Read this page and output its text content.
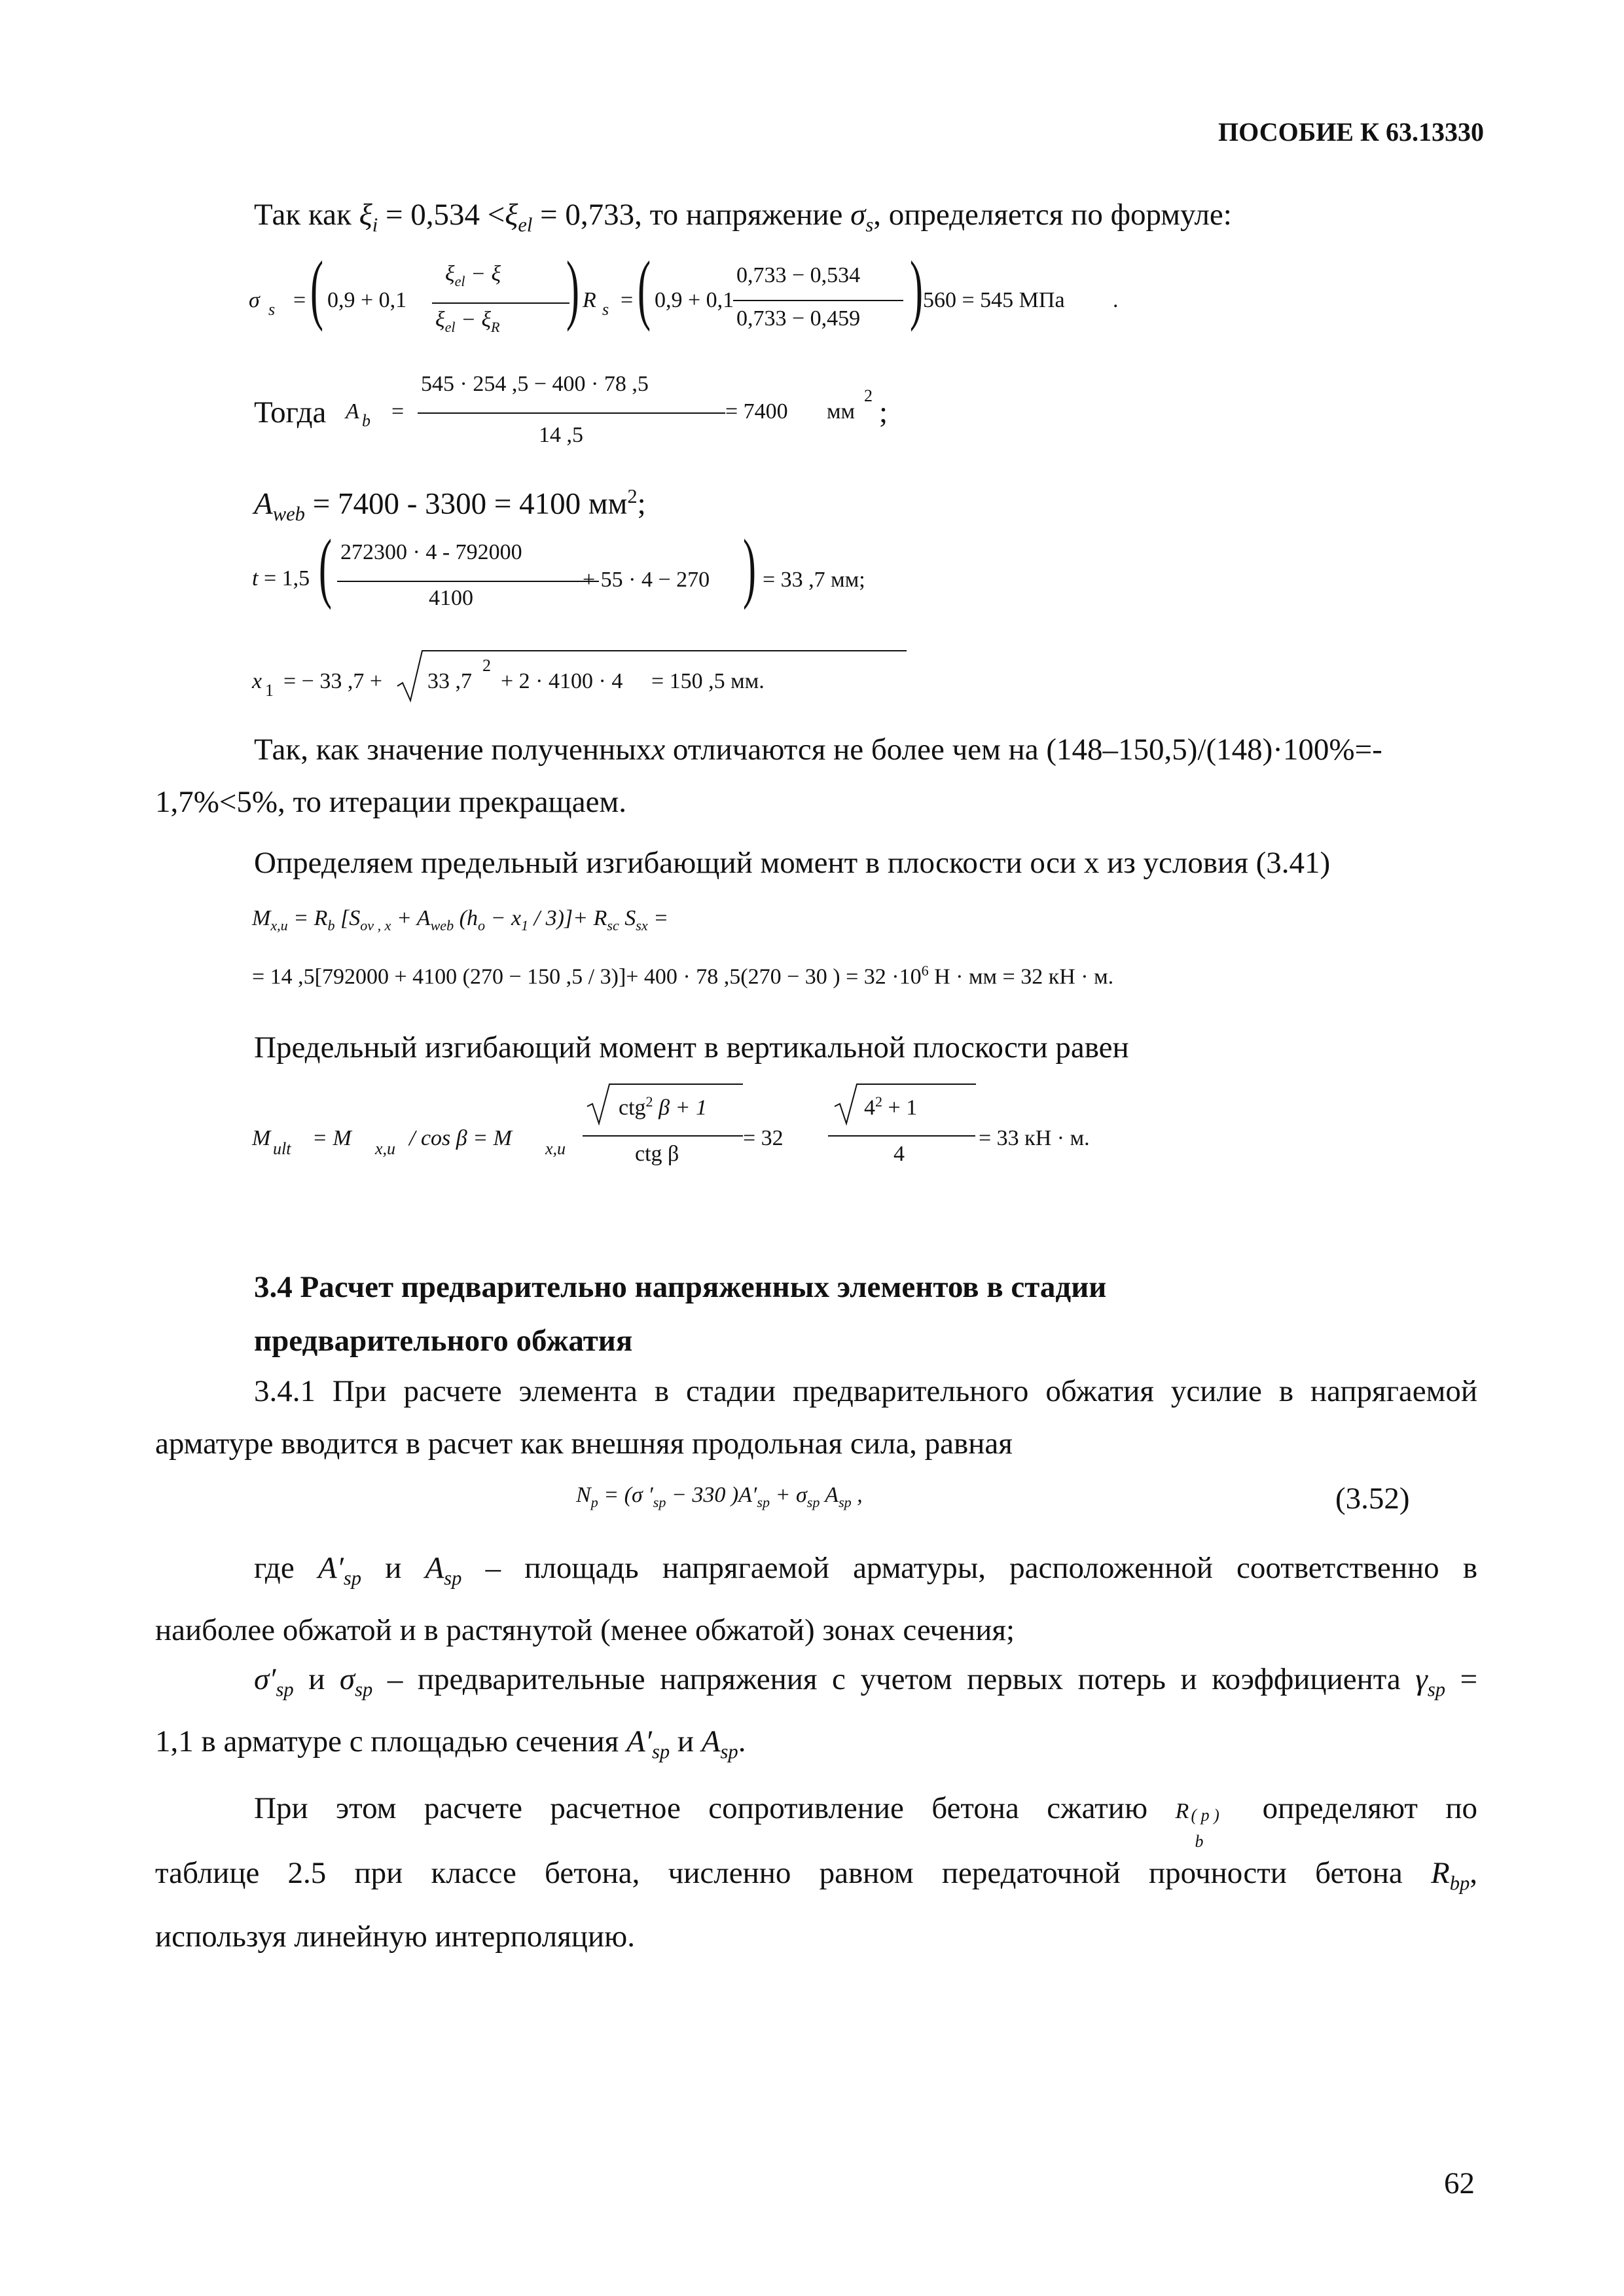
ПОСОБИЕ К 63.13330
Так как $\xi_i = 0,534 <\xi_{el} = 0,733$, то напряжение $\sigma_s$, определяется по формуле:
σ s = ( 0,9 + 0,1
$\xi_{el} - \xi$
$\xi_{el} - \xi_R$ ) R s = ( 0,9 + 0,1
0,733 − 0,534
0,733 − 0,459 ) 560 = 545 МПа .
Тогда A b =
545 · 254 ,5 − 400 · 78 ,5
14 ,5
= 7400 мм
2 ;
$A_{web} = 7400 - 3300 = 4100$ $мм^2$;
t = 1,5 ( 272300 · 4 - 792000
4100
+ 55 · 4 − 270 ) = 33 ,7 мм;
x 1 = − 33 ,7 + 33 ,7
2
+ 2 · 4100 · 4 = 150 ,5 мм.
Так, как значение полученныхx отличаются не более чем на (148–150,5)/(148)·100%=-
1,7%<5%, то итерации прекращаем.
Определяем предельный изгибающий момент в плоскости оси х из условия (3.41)
$M_{x,u} = R_b$ [$S_{ov , x} + A_{web}$ $(h_o - x_1 / 3)]+ R_{sc}$ $S_{sx}$ =
= 14 ,5[792000 + 4100 (270 − 150 ,5 / 3)]+ 400 · 78 ,5(270 − 30 ) = $32 \cdot 10^6$ Н · мм = 32 кН · м.
Предельный изгибающий момент в вертикальной плоскости равен
M ult = M x,u / cos β = M x,u
ctg$^2$ β + 1
ctg β
= 32
$4^2 + 1$
4
= 33 кН · м.
3.4 Расчет предварительно напряженных элементов в стадии
предварительного обжатия
3.4.1 При расчете элемента в стадии предварительного обжатия усилие в напрягаемой
арматуре вводится в расчет как внешняя продольная сила, равная
$N_p = (\sigma$ $'_{sp} - 330$ )$A'_{sp} + \sigma_{sp}$ $A_{sp}$ ,	(3.52)
где $A'_{sp}$ и $A_{sp}$ – площадь напрягаемой арматуры, расположенной соответственно в
наиболее обжатой и в растянутой (менее обжатой) зонах сечения;
$\sigma'_{sp}$ и $\sigma_{sp}$ – предварительные напряжения с учетом первых потерь и коэффициента $\gamma_{sp}$ =
1,1 в арматуре с площадью сечения $A'_{sp}$ и $A_{sp}$.
При этом расчете расчетное сопротивление бетона сжатию R ( p )
b
определяют по
таблице 2.5 при классе бетона, численно равном передаточной прочности бетона $R_{bp}$,
используя линейную интерполяцию.
62
